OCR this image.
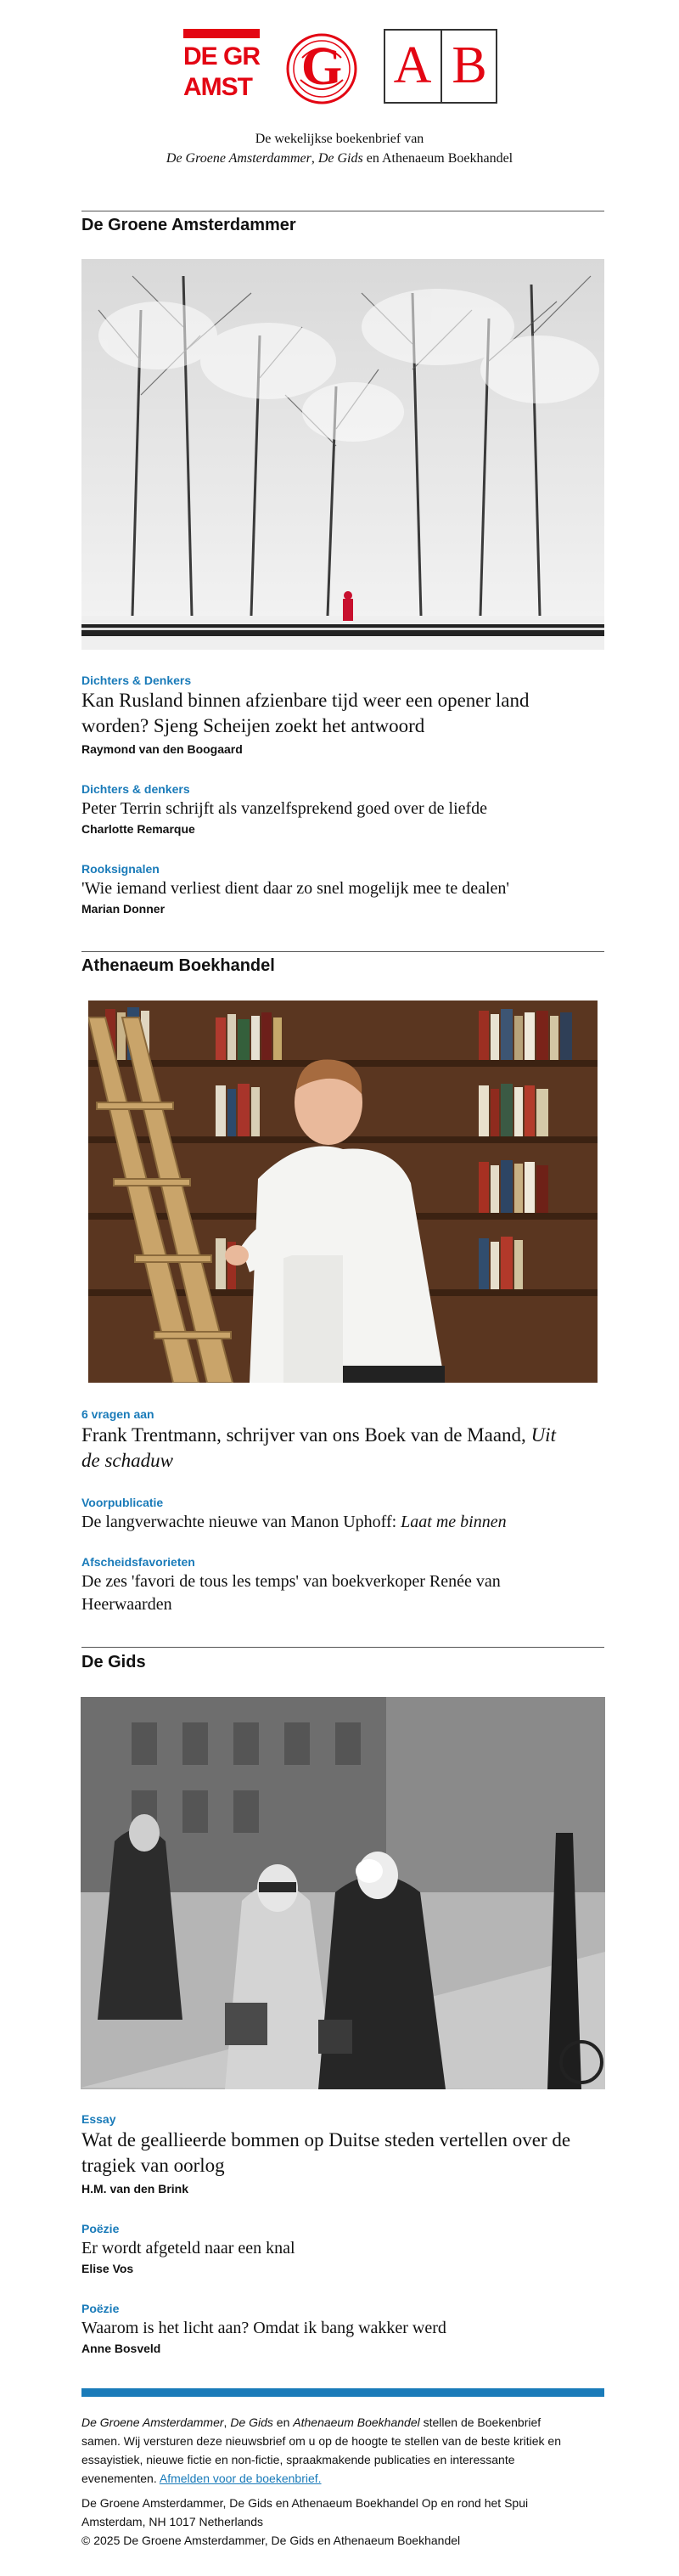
DE GR
AMST G A B
De wekelijkse boekenbrief van
De Groene Amsterdammer, De Gids en Athenaeum Boekhandel
De Groene Amsterdammer
Dichters & Denkers
Kan Rusland binnen afzienbare tijd weer een opener land
worden? Sjeng Scheijen zoekt het antwoord
Raymond van den Boogaard
Dichters & denkers
Peter Terrin schrijft als vanzelfsprekend goed over de liefde
Charlotte Remarque
Rooksignalen
'Wie iemand verliest dient daar zo snel mogelijk mee te dealen'
Marian Donner
Athenaeum Boekhandel
6 vragen aan
Frank Trentmann, schrijver van ons Boek van de Maand, Uit
de schaduw
Voorpublicatie
De langverwachte nieuwe van Manon Uphoff: Laat me binnen
Afscheidsfavorieten
De zes 'favori de tous les temps' van boekverkoper Renée van
Heerwaarden
De Gids
Essay
Wat de geallieerde bommen op Duitse steden vertellen over de
tragiek van oorlog
H.M. van den Brink
Poëzie
Er wordt afgeteld naar een knal
Elise Vos
Poëzie
Waarom is het licht aan? Omdat ik bang wakker werd
Anne Bosveld
De Groene Amsterdammer, De Gids en Athenaeum Boekhandel stellen de Boekenbrief
samen. Wij versturen deze nieuwsbrief om u op de hoogte te stellen van de beste kritiek en
essayistiek, nieuwe fictie en non-fictie, spraakmakende publicaties en interessante
evenementen. Afmelden voor de boekenbrief.
De Groene Amsterdammer, De Gids en Athenaeum Boekhandel Op en rond het Spui
Amsterdam, NH 1017 Netherlands
© 2025 De Groene Amsterdammer, De Gids en Athenaeum Boekhandel
